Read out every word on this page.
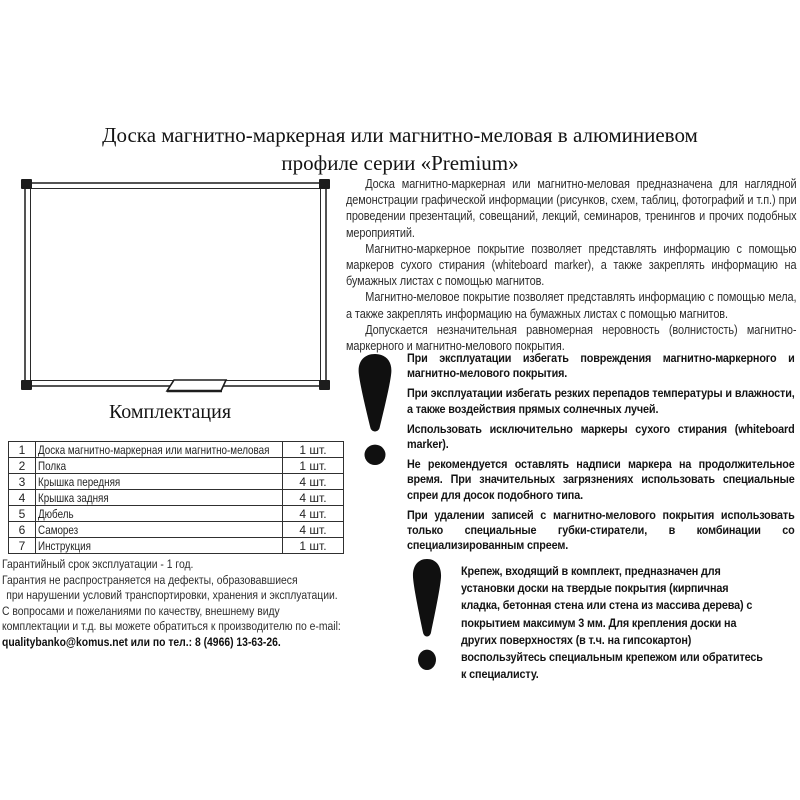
Доска магнитно-маркерная или магнитно-меловая в алюминиевом профиле серии «Premium»

Доска магнитно-маркерная или магнитно-меловая предназначена для наглядной демонстрации графической информации (рисунков, схем, таблиц, фотографий и т.п.) при проведении презентаций, совещаний, лекций, семинаров, тренингов и прочих подобных мероприятий.

Магнитно-маркерное покрытие позволяет представлять информацию с помощью маркеров сухого стирания (whiteboard marker), а также закреплять информацию на бумажных листах с помощью магнитов.

Магнитно-меловое покрытие позволяет представлять информацию с помощью мела, а также закреплять информацию на бумажных листах с помощью магнитов.

Допускается незначительная равномерная неровность (волнистость) магнитно-маркерного и магнитно-мелового покрытия.

Комплектация
1	Доска магнитно-маркерная или магнитно-меловая	1 шт.
2	Полка	1 шт.
3	Крышка передняя	4 шт.
4	Крышка задняя	4 шт.
5	Дюбель	4 шт.
6	Саморез	4 шт.
7	Инструкция	1 шт.
Гарантийный срок эксплуатации - 1 год.
Гарантия не распространяется на дефекты, образовавшиеся
при нарушении условий транспортировки, хранения и эксплуатации.
С вопросами и пожеланиями по качеству, внешнему виду
комплектации и т.д. вы можете обратиться к производителю по e-mail:
qualitybanko@komus.net или по тел.: 8 (4966) 13-63-26.

При эксплуатации избегать повреждения магнитно-маркерного и магнитно-мелового покрытия.

При эксплуатации избегать резких перепадов температуры и влажности, а также воздействия прямых солнечных лучей.

Использовать исключительно маркеры сухого стирания (whiteboard marker).

Не рекомендуется оставлять надписи маркера на продолжительное время. При значительных загрязнениях использовать специальные спреи для досок подобного типа.

При удалении записей с магнитно-мелового покрытия использовать только специальные губки-стиратели, в комбинации со специализированным спреем.

Крепеж, входящий в комплект, предназначен для установки доски на твердые покрытия (кирпичная кладка, бетонная стена или стена из массива дерева) с покрытием максимум 3 мм. Для крепления доски на других поверхностях (в т.ч. на гипсокартон) воспользуйтесь специальным крепежом или обратитесь к специалисту.
